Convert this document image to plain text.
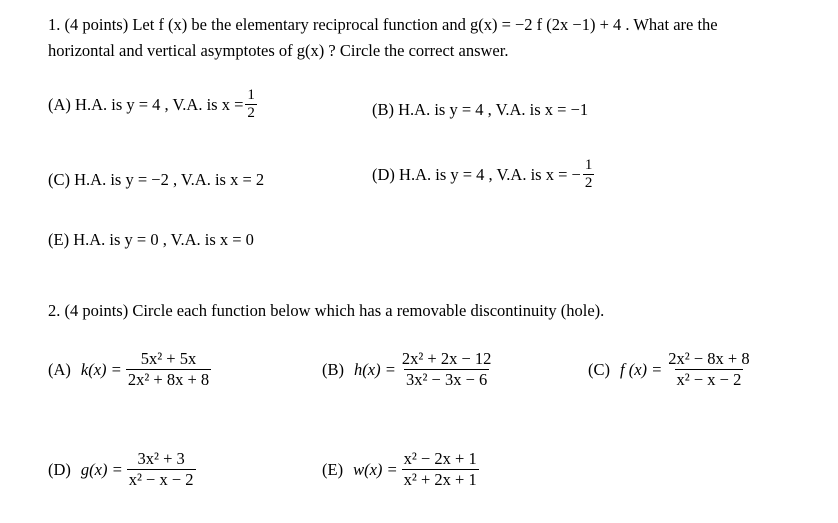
1. (4 points) Let f (x) be the elementary reciprocal function and g(x) = −2 f (2x −1) + 4 . What are the
horizontal and vertical asymptotes of g(x) ? Circle the correct answer.
(A) H.A. is y = 4 , V.A. is $x = \frac{1}{2}$	(B) H.A. is y = 4 , V.A. is x = −1
(C) H.A. is y = −2 , V.A. is x = 2	(D) H.A. is y = 4 , V.A. is x = − $\frac{1}{2}$
(E) H.A. is y = 0 , V.A. is x = 0
2. (4 points) Circle each function below which has a removable discontinuity (hole).
(A) $k(x) = \frac{\text{5x² + 5x}}{\text{2x² + 8x + 8}}$	(B) $h(x) = \frac{\text{2x² + 2x − 12}}{\text{3x² − 3x − 6}}$	(C) f $(x) = \frac{\text{2x² − 8x + 8}}{\text{x² − x − 2}}$
(D) $g(x) = \frac{\text{3x² + 3}}{\text{x² − x − 2}}$	(E) $w(x) = \frac{\text{x² − 2x + 1}}{\text{x² + 2x + 1}}$
